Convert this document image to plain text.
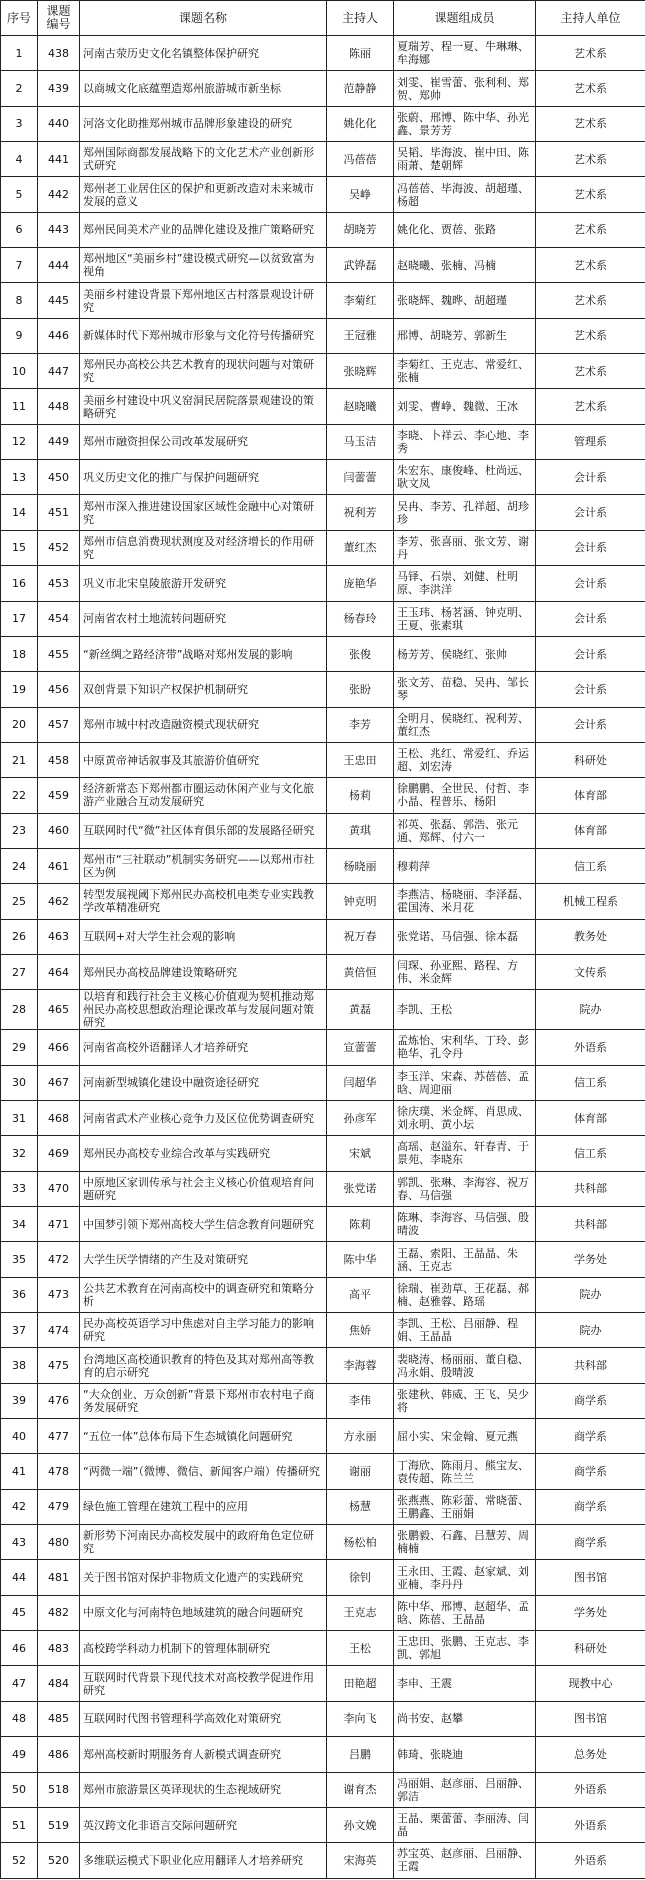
序号	课题编号	课题名称	主持人	课题组成员	主持人单位
1	438	河南古荥历史文化名镇整体保护研究	陈丽	夏瑞芳、程一夏、牛琳琳、牟海娜	艺术系
2	439	以商城文化底蕴塑造郑州旅游城市新坐标	范静静	刘雯、崔雪蕾、张利利、郑贺、郑帅	艺术系
3	440	河洛文化助推郑州城市品牌形象建设的研究	姚化化	张蔚、邢博、陈中华、孙光鑫、景芳芳	艺术系
4	441	郑州国际商都发展战略下的文化艺术产业创新形式研究	冯蓓蓓	吴韬、毕海波、崔中田、陈雨萧、楚朝辉	艺术系
5	442	郑州老工业居住区的保护和更新改造对未来城市发展的意义	吴峥	冯蓓蓓、毕海波、胡超瑾、杨超	艺术系
6	443	郑州民间美术产业的品牌化建设及推广策略研究	胡晓芳	姚化化、贾蓓、张路	艺术系
7	444	郑州地区“美丽乡村”建设模式研究—以贫致富为视角	武铧磊	赵晓曦、张楠、冯楠	艺术系
8	445	美丽乡村建设背景下郑州地区古村落景观设计研究	李菊红	张晓辉、魏晔、胡超瑾	艺术系
9	446	新媒体时代下郑州城市形象与文化符号传播研究	王冠雅	邢博、胡晓芳、郭新生	艺术系
10	447	郑州民办高校公共艺术教育的现状问题与对策研究	张晓辉	李菊红、王克志、常爱红、张楠	艺术系
11	448	美丽乡村建设中巩义窑洞民居院落景观建设的策略研究	赵晓曦	刘雯、曹峥、魏微、王冰	艺术系
12	449	郑州市融资担保公司改革发展研究	马玉洁	李晓、卜祥云、李心地、李秀	管理系
13	450	巩义历史文化的推广与保护问题研究	闫蕾蕾	朱宏东、康俊峰、杜尚远、耿文凤	会计系
14	451	郑州市深入推进建设国家区域性金融中心对策研究	祝利芳	吴冉、李芳、孔祥超、胡珍珍	会计系
15	452	郑州市信息消费现状测度及对经济增长的作用研究	董红杰	李芳、张喜丽、张文芳、谢丹	会计系
16	453	巩义市北宋皇陵旅游开发研究	庞艳华	马铎、石崇、刘健、杜明原、李洪洋	会计系
17	454	河南省农村土地流转问题研究	杨春玲	王玉玮、杨茗涵、钟克明、王夏、张素琪	会计系
18	455	“新丝绸之路经济带”战略对郑州发展的影响	张俊	杨芳芳、侯晓红、张帅	会计系
19	456	双创背景下知识产权保护机制研究	张盼	张文芳、苗稳、吴冉、邹长琴	会计系
20	457	郑州市城中村改造融资模式现状研究	李芳	全明月、侯晓红、祝利芳、董红杰	会计系
21	458	中原黄帝神话叙事及其旅游价值研究	王忠田	王松、兆红、常爱红、乔运超、刘宏涛	科研处
22	459	经济新常态下郑州都市圈运动休闲产业与文化旅游产业融合互动发展研究	杨莉	徐鹏鹏、全世民、付哲、李小晶、程普乐、杨阳	体育部
23	460	互联网时代“微”社区体育俱乐部的发展路径研究	黄琪	祁英、张磊、郭浩、张元通、郑辉、付六一	体育部
24	461	郑州市“三社联动”机制实务研究——以郑州市社区为例	杨晓丽	穆莉萍	信工系
25	462	转型发展视阈下郑州民办高校机电类专业实践教学改革精准研究	钟克明	李燕洁、杨晓丽、李泽磊、霍国涛、米月花	机械工程系
26	463	互联网+对大学生社会观的影响	祝万春	张党诺、马信强、徐本磊	教务处
27	464	郑州民办高校品牌建设策略研究	黄倍恒	闫琛、孙亚熙、路程、方伟、米金辉	文传系
28	465	以培育和践行社会主义核心价值观为契机推动郑州民办高校思想政治理论课改革与发展问题对策研究	黄磊	李凯、王松	院办
29	466	河南省高校外语翻译人才培养研究	宣蕾蕾	孟炼怡、宋利华、丁玲、彭艳华、孔令丹	外语系
30	467	河南新型城镇化建设中融资途径研究	闫超华	李玉洋、宋森、苏蓓蓓、孟晗、周迎丽	信工系
31	468	河南省武术产业核心竞争力及区位优势调查研究	孙彦军	徐庆璞、米金辉、肖思成、刘永明、黄小坛	体育部
32	469	郑州民办高校专业综合改革与实践研究	宋斌	高瑶、赵溢东、轩春青、于景苑、李晓东	信工系
33	470	中原地区家训传承与社会主义核心价值观培育问题研究	张党诺	郭凯、张琳、李海容、祝万春、马信强	共科部
34	471	中国梦引领下郑州高校大学生信念教育问题研究	陈莉	陈琳、李海容、马信强、殷晴波	共科部
35	472	大学生厌学情绪的产生及对策研究	陈中华	王磊、索阳、王晶晶、朱涵、王克志	学务处
36	473	公共艺术教育在河南高校中的调查研究和策略分析	高平	徐瑞、崔劲草、王花磊、郝楠、赵雅蓉、路瑶	院办
37	474	民办高校英语学习中焦虑对自主学习能力的影响研究	焦娇	李凯、王松、吕丽静、程娟、王晶晶	院办
38	475	台湾地区高校通识教育的特色及其对郑州高等教育的启示研究	李海蓉	裴晓涛、杨丽丽、董自稳、冯永娟、殷晴波	共科部
39	476	“大众创业、万众创新”背景下郑州市农村电子商务发展研究	李伟	张建秋、韩威、王飞、吴少将	商学系
40	477	“五位一体”总体布局下生态城镇化问题研究	方永丽	屈小实、宋金翰、夏元燕	商学系
41	478	“两微一端”（微博、微信、新闻客户端）传播研究	谢丽	丁海欣、陈雨月、熊宝友、袁传超、陈兰兰	商学系
42	479	绿色施工管理在建筑工程中的应用	杨慧	张燕燕、陈彩蕾、常晓蕾、王鹏鑫、王丽娟	商学系
43	480	新形势下河南民办高校发展中的政府角色定位研究	杨松柏	张鹏毅、石鑫、吕慧芳、周楠楠	商学系
44	481	关于图书馆对保护非物质文化遗产的实践研究	徐钊	王永田、王霞、赵家斌、刘亚楠、李丹丹	图书馆
45	482	中原文化与河南特色地域建筑的融合问题研究	王克志	陈中华、邢博、赵超华、孟晗、陈蓓、王晶晶	学务处
46	483	高校跨学科动力机制下的管理体制研究	王松	王忠田、张鹏、王克志、李凯、郭旭	科研处
47	484	互联网时代背景下现代技术对高校教学促进作用研究	田艳超	李申、王震	现教中心
48	485	互联网时代图书管理科学高效化对策研究	李向飞	尚书安、赵攀	图书馆
49	486	郑州高校新时期服务育人新模式调查研究	吕鹏	韩琦、张晓迪	总务处
50	518	郑州市旅游景区英译现状的生态视域研究	谢育杰	冯丽娟、赵彦丽、吕丽静、郭洁	外语系
51	519	英汉跨文化非语言交际问题研究	孙文娩	王晶、栗蕾蕾、李丽涛、闫晶	外语系
52	520	多维联运模式下职业化应用翻译人才培养研究	宋海英	苏宝英、赵彦丽、吕丽静、王霞	外语系
